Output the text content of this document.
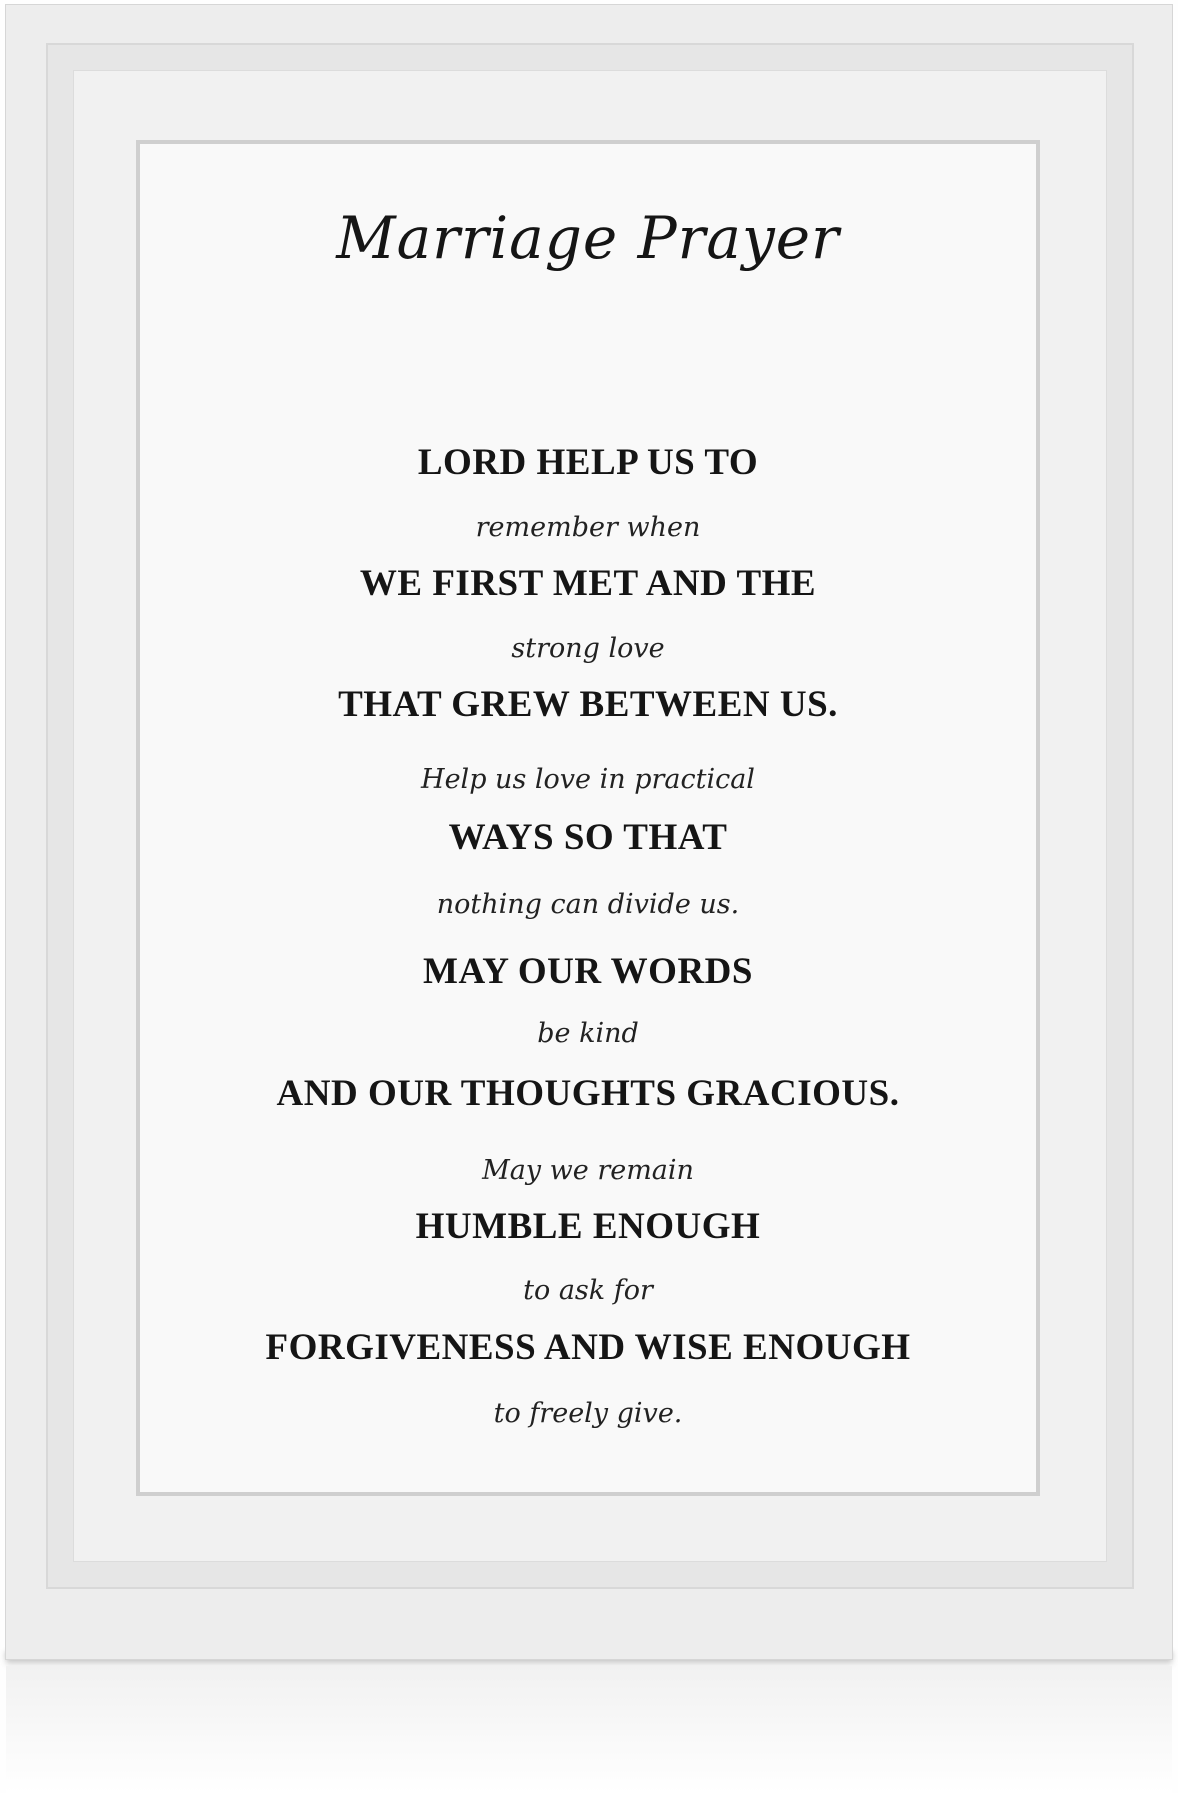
Marriage Prayer
LORD HELP US TO
remember when
WE FIRST MET AND THE
strong love
THAT GREW BETWEEN US.
Help us love in practical
WAYS SO THAT
nothing can divide us.
MAY OUR WORDS
be kind
AND OUR THOUGHTS GRACIOUS.
May we remain
HUMBLE ENOUGH
to ask for
FORGIVENESS AND WISE ENOUGH
to freely give.
